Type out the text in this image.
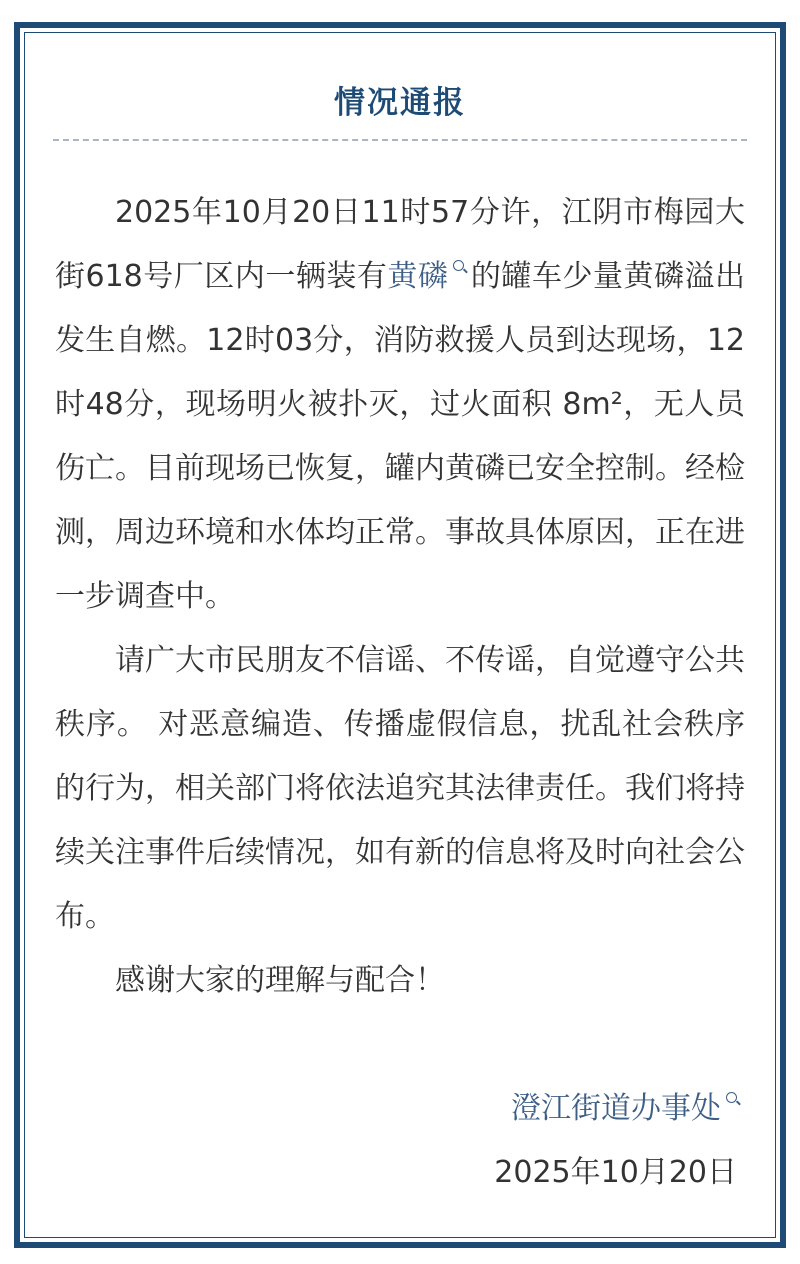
情况通报

2025年10月20日11时57分许，江阴市梅园大街618号厂区内一辆装有黄磷 的罐车少量黄磷溢出发生自燃。12时03分，消防救援人员到达现场，12时48分，现场明火被扑灭，过火面积 8m²，无人员伤亡。目前现场已恢复，罐内黄磷已安全控制。经检测，周边环境和水体均正常。事故具体原因，正在进一步调查中。

请广大市民朋友不信谣、不传谣，自觉遵守公共秩序。 对恶意编造、传播虚假信息，扰乱社会秩序的行为，相关部门将依法追究其法律责任。我们将持续关注事件后续情况，如有新的信息将及时向社会公布。

感谢大家的理解与配合！

澄江街道办事处
2025年10月20日
